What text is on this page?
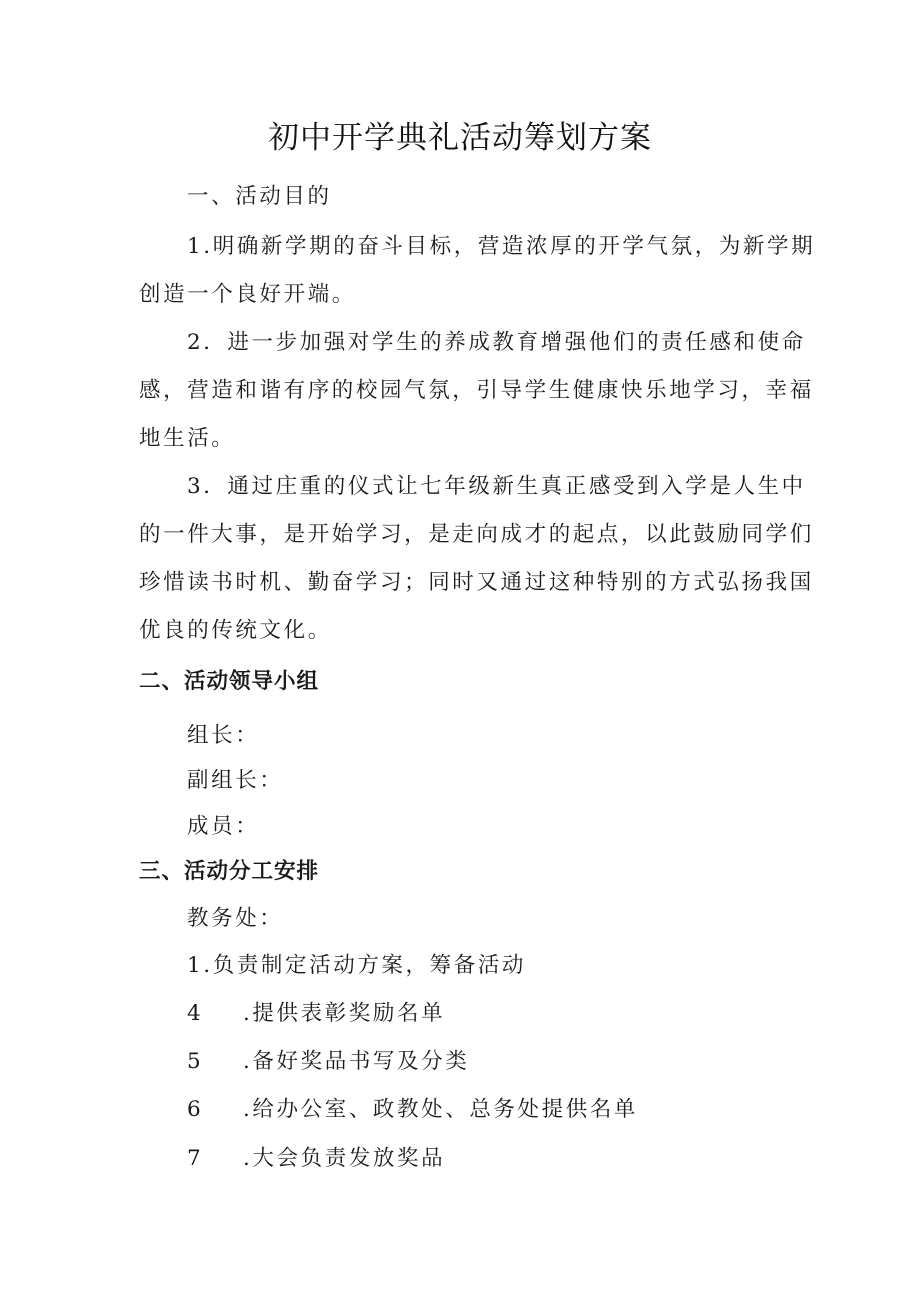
初中开学典礼活动筹划方案
一、活动目的
1.明确新学期的奋斗目标，营造浓厚的开学气氛，为新学期
创造一个良好开端。
2．进一步加强对学生的养成教育增强他们的责任感和使命
感，营造和谐有序的校园气氛，引导学生健康快乐地学习，幸福
地生活。
3．通过庄重的仪式让七年级新生真正感受到入学是人生中
的一件大事，是开始学习，是走向成才的起点，以此鼓励同学们
珍惜读书时机、勤奋学习；同时又通过这种特别的方式弘扬我国
优良的传统文化。
二、活动领导小组
组长：
副组长：
成员：
三、活动分工安排
教务处：
1.负责制定活动方案，筹备活动
4 .提供表彰奖励名单
5 .备好奖品书写及分类
6 .给办公室、政教处、总务处提供名单
7 .大会负责发放奖品
